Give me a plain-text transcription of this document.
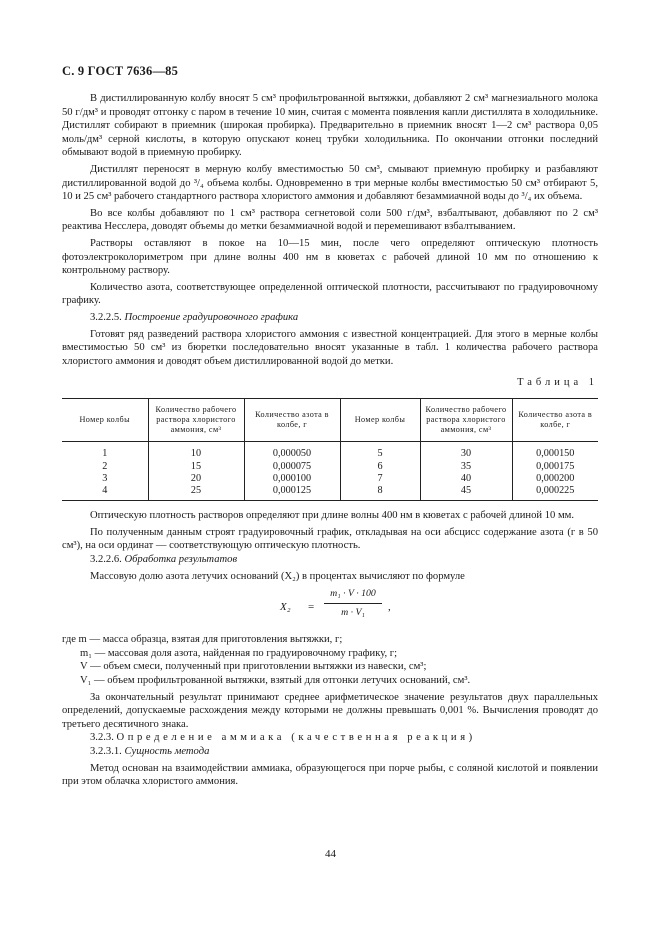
С. 9 ГОСТ 7636—85

В дистиллированную колбу вносят 5 см³ профильтрованной вытяжки, добавляют 2 см³ магнезиального молока 50 г/дм³ и проводят отгонку с паром в течение 10 мин, считая с момента появления капли дистиллята в холодильнике. Дистиллят собирают в приемник (широкая пробирка). Предварительно в приемник вносят 1—2 см³ раствора 0,05 моль/дм³ серной кислоты, в которую опускают конец трубки холодильника. По окончании отгонки последний обмывают водой в приемную пробирку.

Дистиллят переносят в мерную колбу вместимостью 50 см³, смывают приемную пробирку и разбавляют дистиллированной водой до ³/₄ объема колбы. Одновременно в три мерные колбы вместимостью 50 см³ отбирают 5, 10 и 25 см³ рабочего стандартного раствора хлористого аммония и добавляют безаммиачной воды до ³/₄ их объема.

Во все колбы добавляют по 1 см³ раствора сегнетовой соли 500 г/дм³, взбалтывают, добавляют по 2 см³ реактива Несслера, доводят объемы до метки безаммиачной водой и перемешивают взбалтыванием.

Растворы оставляют в покое на 10—15 мин, после чего определяют оптическую плотность фотоэлектроколориметром при длине волны 400 нм в кюветах с рабочей длиной 10 мм по отношению к контрольному раствору.

Количество азота, соответствующее определенной оптической плотности, рассчитывают по градуировочному графику.

3.2.2.5. Построение градуировочного графика

Готовят ряд разведений раствора хлористого аммония с известной концентрацией. Для этого в мерные колбы вместимостью 50 см³ из бюретки последовательно вносят указанные в табл. 1 количества рабочего раствора хлористого аммония и доводят объем дистиллированной водой до метки.

Таблица 1
Номер колбы	Количество рабочего раствора хлористого аммония, см³	Количество азота в колбе, г	Номер колбы	Количество рабочего раствора хлористого аммония, см³	Количество азота в колбе, г
1	10	0,000050	5	30	0,000150
2	15	0,000075	6	35	0,000175
3	20	0,000100	7	40	0,000200
4	25	0,000125	8	45	0,000225

Оптическую плотность растворов определяют при длине волны 400 нм в кюветах с рабочей длиной 10 мм.

По полученным данным строят градуировочный график, откладывая на оси абсцисс содержание азота (г в 50 см³), на оси ординат — соответствующую оптическую плотность.

3.2.2.6. Обработка результатов

Массовую долю азота летучих оснований (X₂) в процентах вычисляют по формуле

$X_2 = \frac{\text{m₁ · V · 100}}{\text{m · V₁}}$ ,

где m — масса образца, взятая для приготовления вытяжки, г;

m₁ — массовая доля азота, найденная по градуировочному графику, г;

V — объем смеси, полученный при приготовлении вытяжки из навески, см³;

V₁ — объем профильтрованной вытяжки, взятый для отгонки летучих оснований, см³.

За окончательный результат принимают среднее арифметическое значение результатов двух параллельных определений, допускаемые расхождения между которыми не должны превышать 0,001 %. Вычисления проводят до третьего десятичного знака.

3.2.3. Определение аммиака (качественная реакция)

3.2.3.1. Сущность метода

Метод основан на взаимодействии аммиака, образующегося при порче рыбы, с соляной кислотой и появлении при этом облачка хлористого аммония.

44
